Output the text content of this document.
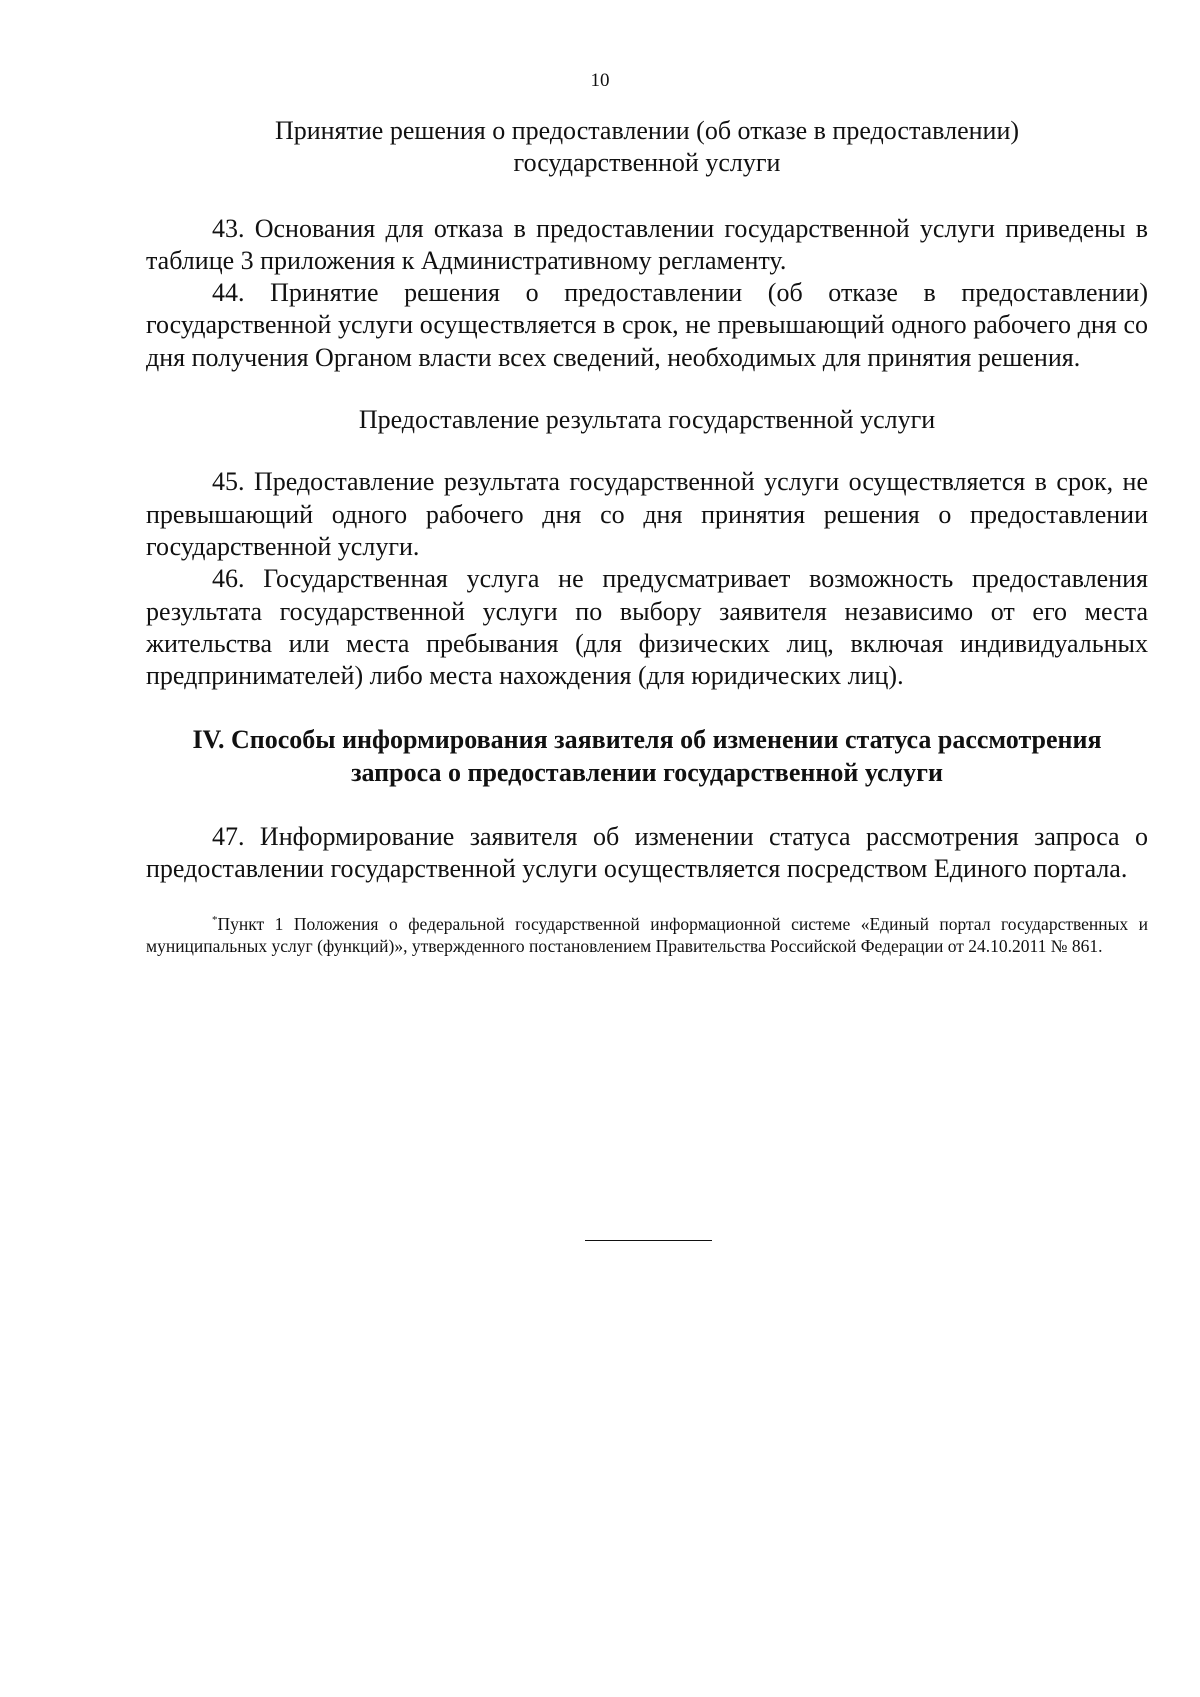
10

Принятие решения о предоставлении (об отказе в предоставлении)

государственной услуги

43. Основания для отказа в предоставлении государственной услуги приведены в таблице 3 приложения к Административному регламенту.

44. Принятие решения о предоставлении (об отказе в предоставлении) государственной услуги осуществляется в срок, не превышающий одного рабочего дня со дня получения Органом власти всех сведений, необходимых для принятия решения.

Предоставление результата государственной услуги

45. Предоставление результата государственной услуги осуществляется в срок, не превышающий одного рабочего дня со дня принятия решения о предоставлении государственной услуги.

46. Государственная услуга не предусматривает возможность предоставления результата государственной услуги по выбору заявителя независимо от его места жительства или места пребывания (для физических лиц, включая индивидуальных предпринимателей) либо места нахождения (для юридических лиц).

IV. Способы информирования заявителя об изменении статуса рассмотрения

запроса о предоставлении государственной услуги

47. Информирование заявителя об изменении статуса рассмотрения запроса о предоставлении государственной услуги осуществляется посредством Единого портала.

*Пункт 1 Положения о федеральной государственной информационной системе «Единый портал государственных и муниципальных услуг (функций)», утвержденного постановлением Правительства Российской Федерации от 24.10.2011 № 861.
